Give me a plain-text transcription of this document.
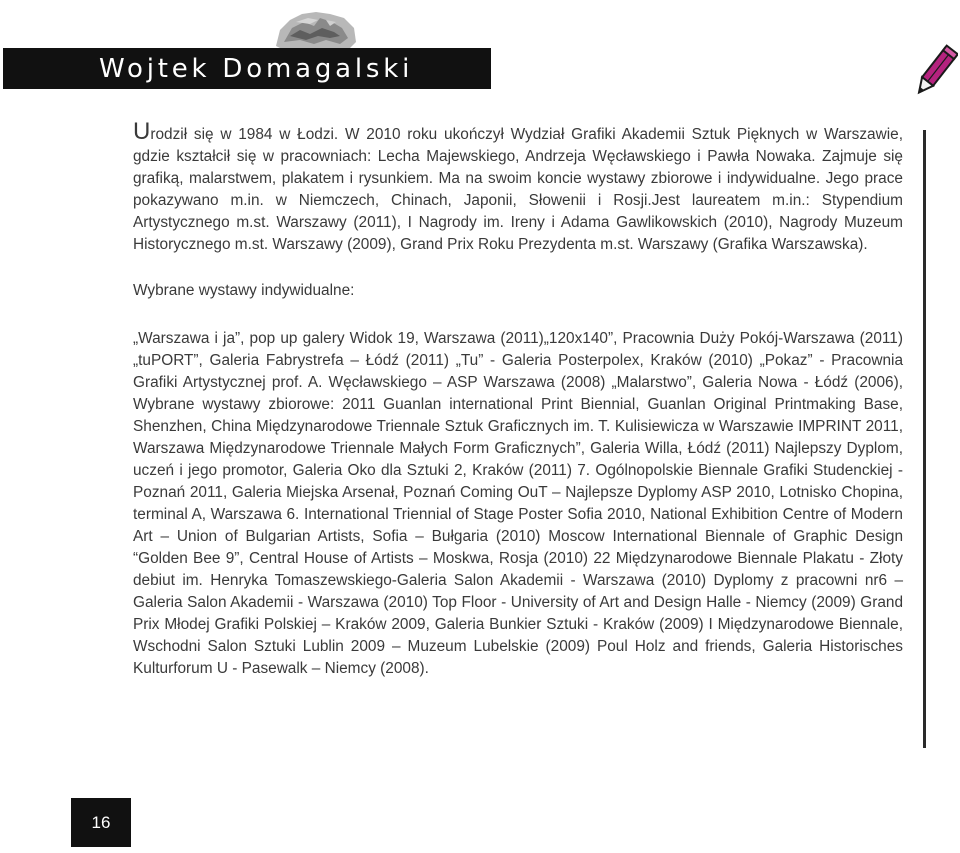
Wojtek Domagalski

Urodził się w 1984 w Łodzi. W 2010 roku ukończył Wydział Grafiki Akademii Sztuk Pięknych w Warszawie, gdzie kształcił się w pracowniach: Lecha Majewskiego, Andrzeja Węcławskiego i Pawła Nowaka. Zajmuje się grafiką, malarstwem, plakatem i rysunkiem. Ma na swoim koncie wystawy zbiorowe i indywidualne. Jego prace pokazywano m.in. w Niemczech, Chinach, Japonii, Słowenii i Rosji.Jest laureatem m.in.: Stypendium Artystycznego m.st. Warszawy (2011), I Nagrody im. Ireny i Adama Gawlikowskich (2010), Nagrody Muzeum Historycznego m.st. Warszawy (2009), Grand Prix Roku Prezydenta m.st. Warszawy (Grafika Warszawska).

Wybrane wystawy indywidualne:

„Warszawa i ja”, pop up galery Widok 19, Warszawa (2011)„120x140”, Pracownia Duży Pokój-Warszawa (2011)„tuPORT”, Galeria Fabrystrefa – Łódź (2011) „Tu” - Galeria Posterpolex, Kraków (2010) „Pokaz” - Pracownia Grafiki Artystycznej prof. A. Węcławskiego – ASP Warszawa (2008) „Malarstwo”, Galeria Nowa - Łódź (2006), Wybrane wystawy zbiorowe: 2011 Guanlan international Print Biennial, Guanlan Original Printmaking Base, Shenzhen, China Międzynarodowe Triennale Sztuk Graficznych im. T. Kulisiewicza w Warszawie IMPRINT 2011, Warszawa Międzynarodowe Triennale Małych Form Graficznych”, Galeria Willa, Łódź (2011) Najlepszy Dyplom, uczeń i jego promotor, Galeria Oko dla Sztuki 2, Kraków (2011) 7. Ogólnopolskie Biennale Grafiki Studenckiej - Poznań 2011, Galeria Miejska Arsenał, Poznań Coming OuT – Najlepsze Dyplomy ASP 2010, Lotnisko Chopina, terminal A, Warszawa 6. International Triennial of Stage Poster Sofia 2010, National Exhibition Centre of Modern Art – Union of Bulgarian Artists, Sofia – Bułgaria (2010) Moscow International Biennale of Graphic Design “Golden Bee 9”, Central House of Artists – Moskwa, Rosja (2010) 22 Międzynarodowe Biennale Plakatu - Złoty debiut im. Henryka Tomaszewskiego-Galeria Salon Akademii - Warszawa (2010) Dyplomy z pracowni nr6 – Galeria Salon Akademii - Warszawa (2010) Top Floor - University of Art and Design Halle - Niemcy (2009) Grand Prix Młodej Grafiki Polskiej – Kraków 2009, Galeria Bunkier Sztuki - Kraków (2009) I Międzynarodowe Biennale, Wschodni Salon Sztuki Lublin 2009 – Muzeum Lubelskie (2009) Poul Holz and friends, Galeria Historisches Kulturforum U - Pasewalk – Niemcy (2008).

16
